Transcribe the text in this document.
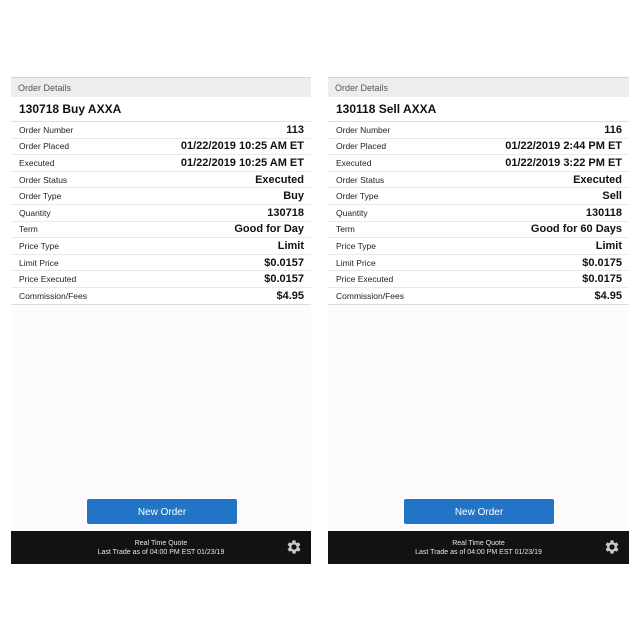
Order Details
130718 Buy AXXA
Order Number	113
Order Placed	01/22/2019 10:25 AM ET
Executed	01/22/2019 10:25 AM ET
Order Status	Executed
Order Type	Buy
Quantity	130718
Term	Good for Day
Price Type	Limit
Limit Price	$0.0157
Price Executed	$0.0157
Commission/Fees	$4.95
New Order
Real Time Quote
Last Trade as of 04:00 PM EST 01/23/19
Order Details
130118 Sell AXXA
Order Number	116
Order Placed	01/22/2019 2:44 PM ET
Executed	01/22/2019 3:22 PM ET
Order Status	Executed
Order Type	Sell
Quantity	130118
Term	Good for 60 Days
Price Type	Limit
Limit Price	$0.0175
Price Executed	$0.0175
Commission/Fees	$4.95
New Order
Real Time Quote
Last Trade as of 04:00 PM EST 01/23/19
